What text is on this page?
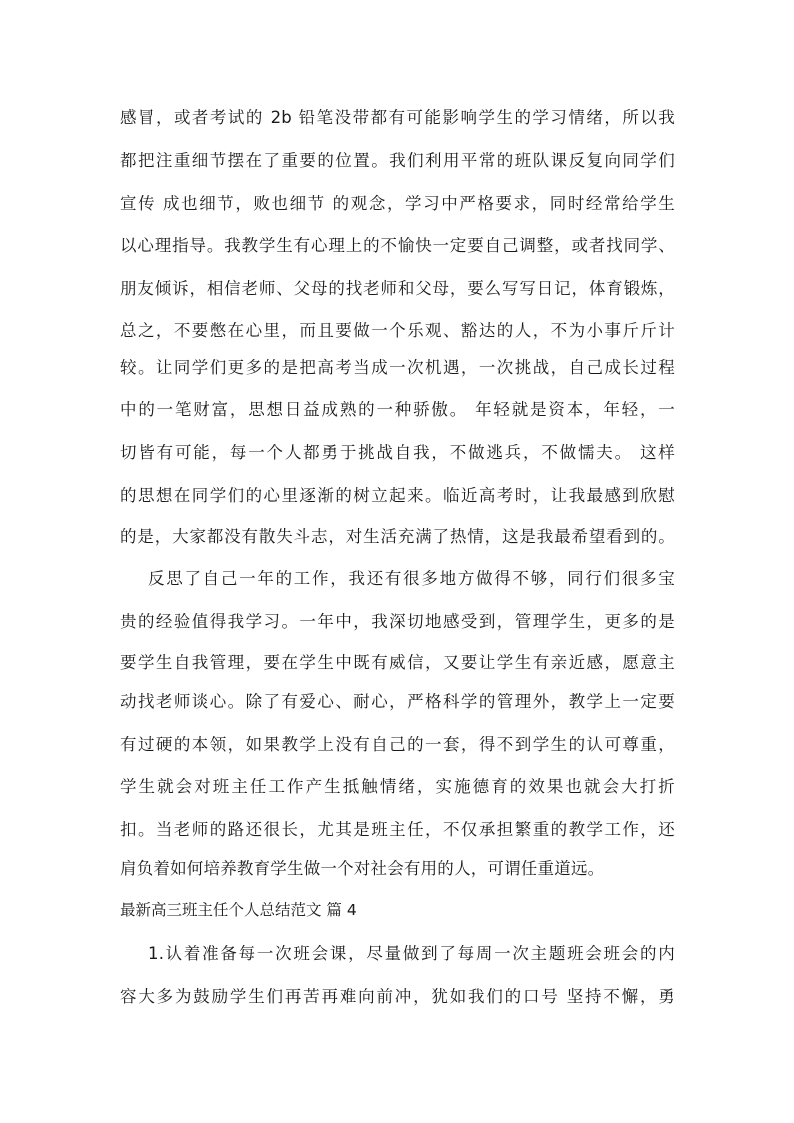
感冒，或者考试的 2b 铅笔没带都有可能影响学生的学习情绪，所以我
都把注重细节摆在了重要的位置。我们利用平常的班队课反复向同学们
宣传 成也细节，败也细节 的观念，学习中严格要求，同时经常给学生
以心理指导。我教学生有心理上的不愉快一定要自己调整，或者找同学、
朋友倾诉，相信老师、父母的找老师和父母，要么写写日记，体育锻炼，
总之，不要憋在心里，而且要做一个乐观、豁达的人，不为小事斤斤计
较。让同学们更多的是把高考当成一次机遇，一次挑战，自己成长过程
中的一笔财富，思想日益成熟的一种骄傲。 年轻就是资本，年轻，一
切皆有可能，每一个人都勇于挑战自我，不做逃兵，不做懦夫。 这样
的思想在同学们的心里逐渐的树立起来。临近高考时，让我最感到欣慰
的是，大家都没有散失斗志，对生活充满了热情，这是我最希望看到的。
反思了自己一年的工作，我还有很多地方做得不够，同行们很多宝
贵的经验值得我学习。一年中，我深切地感受到，管理学生，更多的是
要学生自我管理，要在学生中既有威信，又要让学生有亲近感，愿意主
动找老师谈心。除了有爱心、耐心，严格科学的管理外，教学上一定要
有过硬的本领，如果教学上没有自己的一套，得不到学生的认可尊重，
学生就会对班主任工作产生抵触情绪，实施德育的效果也就会大打折
扣。当老师的路还很长，尤其是班主任，不仅承担繁重的教学工作，还
肩负着如何培养教育学生做一个对社会有用的人，可谓任重道远。
最新高三班主任个人总结范文 篇 4
1.认着准备每一次班会课，尽量做到了每周一次主题班会班会的内
容大多为鼓励学生们再苦再难向前冲，犹如我们的口号 坚持不懈，勇
